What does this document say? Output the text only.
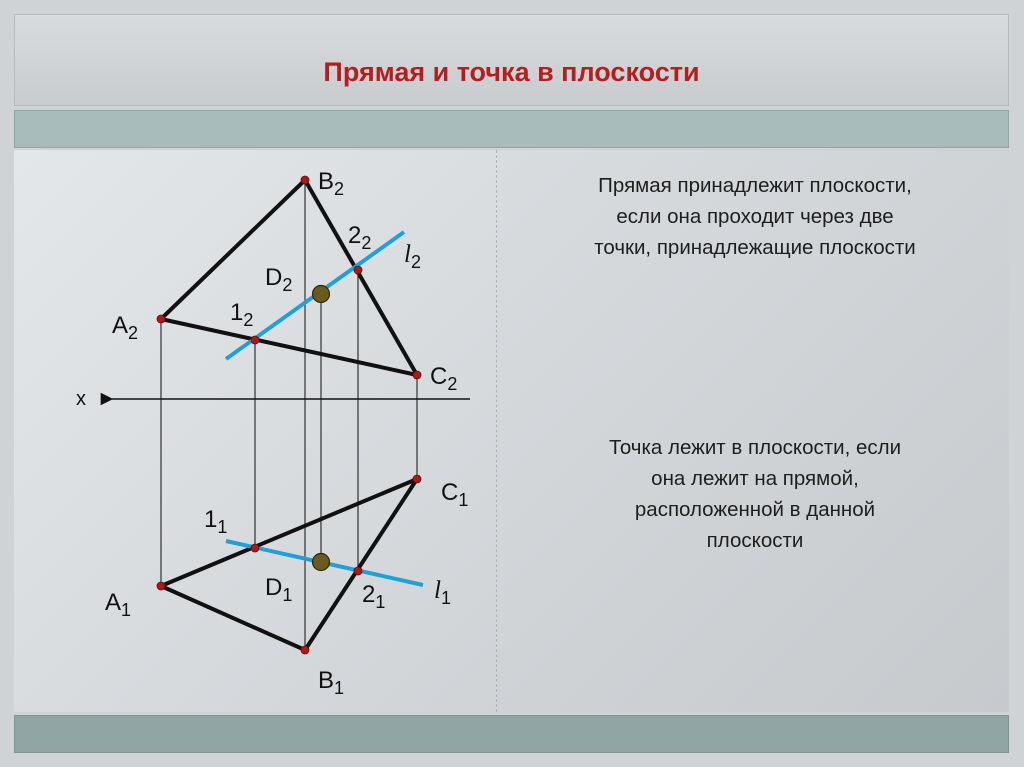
Прямая и точка в плоскости
Прямая принадлежит плоскости,
если она проходит через две
точки, принадлежащие плоскости
Точка лежит в плоскости, если
она лежит на прямой,
расположенной в данной
плоскости
$B_2$
$2_2$ $l_2$
$D_2$
$1_2$
$A_2$
$C_2$
x
$C_1$
$1_1$
$D_1$	$2_1$ $l_1$
$A_1$
$B_1$
